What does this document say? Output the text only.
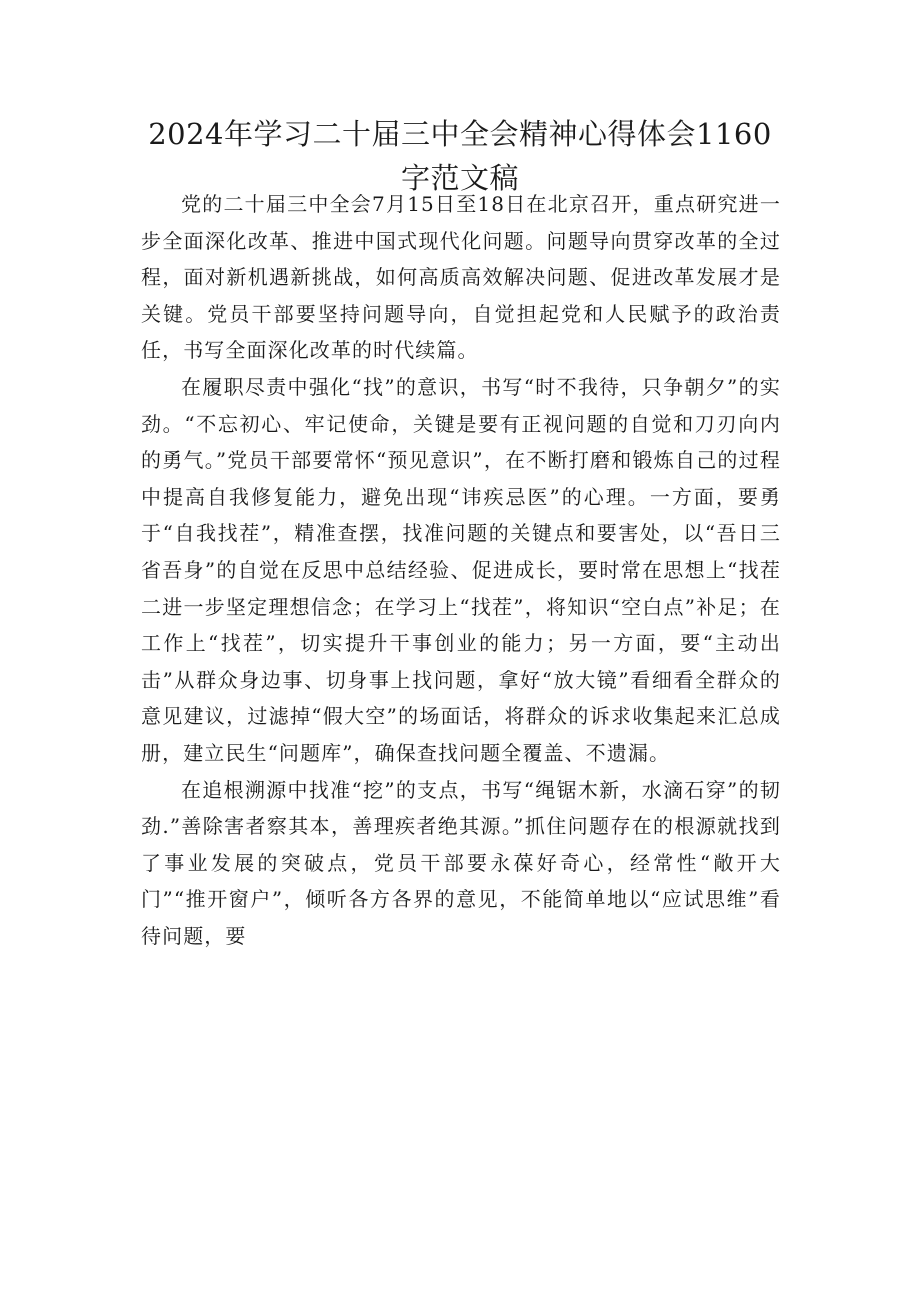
2024年学习二十届三中全会精神心得体会1160字范文稿

党的二十届三中全会7月15日至18日在北京召开，重点研究进一步全面深化改革、推进中国式现代化问题。问题导向贯穿改革的全过程，面对新机遇新挑战，如何高质高效解决问题、促进改革发展才是关键。党员干部要坚持问题导向，自觉担起党和人民赋予的政治责任，书写全面深化改革的时代续篇。

在履职尽责中强化“找”的意识，书写“时不我待，只争朝夕”的实劲。“不忘初心、牢记使命，关键是要有正视问题的自觉和刀刃向内的勇气。”党员干部要常怀“预见意识”，在不断打磨和锻炼自己的过程中提高自我修复能力，避免出现“讳疾忌医”的心理。一方面，要勇于“自我找茬”，精准查摆，找准问题的关键点和要害处，以“吾日三省吾身”的自觉在反思中总结经验、促进成长，要时常在思想上“找茬二进一步坚定理想信念；在学习上“找茬”，将知识“空白点”补足；在工作上“找茬”，切实提升干事创业的能力；另一方面，要“主动出击”从群众身边事、切身事上找问题，拿好“放大镜”看细看全群众的意见建议，过滤掉“假大空”的场面话，将群众的诉求收集起来汇总成册，建立民生“问题库”，确保查找问题全覆盖、不遗漏。

在追根溯源中找准“挖”的支点，书写“绳锯木新，水滴石穿”的韧劲.”善除害者察其本，善理疾者绝其源。”抓住问题存在的根源就找到了事业发展的突破点，党员干部要永葆好奇心，经常性“敞开大门”“推开窗户”，倾听各方各界的意见，不能简单地以“应试思维”看待问题，要
